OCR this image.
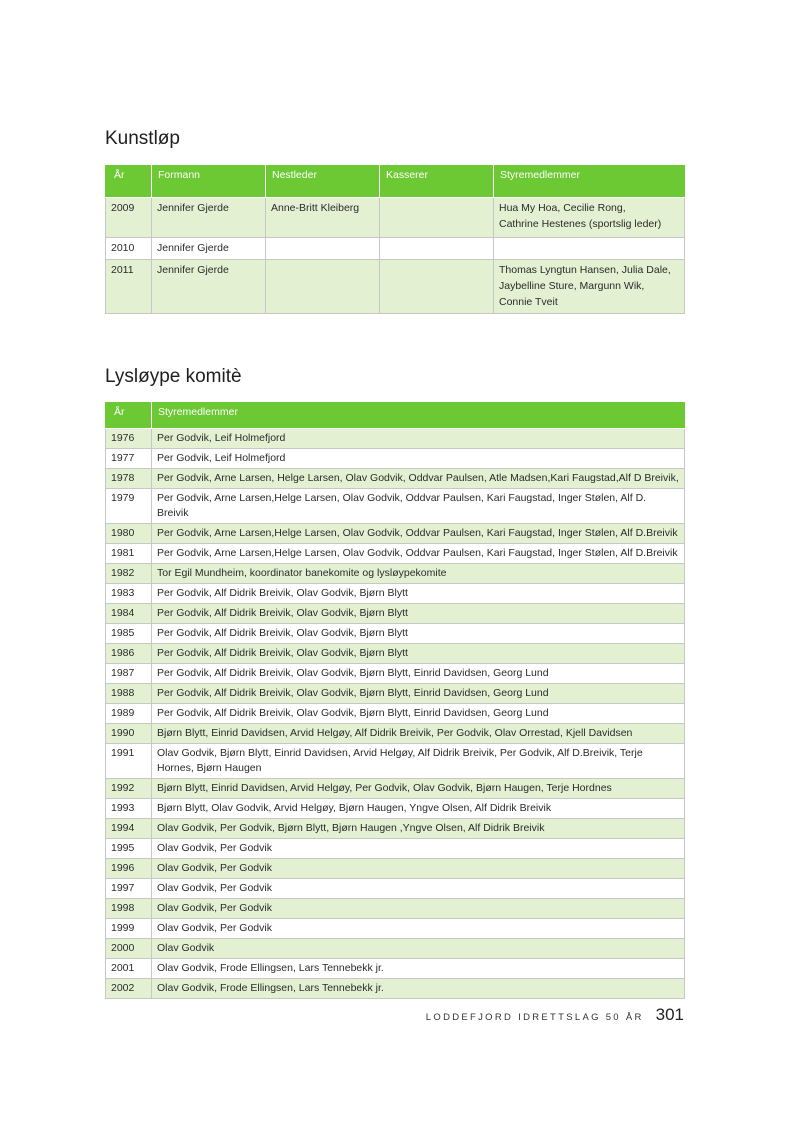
Kunstløp
År	Formann	Nestleder	Kasserer	Styremedlemmer
2009	Jennifer Gjerde	Anne-Britt Kleiberg		Hua My Hoa, Cecilie Rong,
Cathrine Hestenes (sportslig leder)

2010	Jennifer Gjerde			
2011	Jennifer Gjerde			Thomas Lyngtun Hansen, Julia Dale,
Jaybelline Sture, Margunn Wik,
Connie Tveit
Lysløype komitè
År	Styremedlemmer
1976	Per Godvik, Leif Holmefjord
1977	Per Godvik, Leif Holmefjord
1978	Per Godvik, Arne Larsen, Helge Larsen, Olav Godvik, Oddvar Paulsen, Atle Madsen,Kari Faugstad,Alf D Breivik,
1979	Per Godvik, Arne Larsen,Helge Larsen, Olav Godvik, Oddvar Paulsen, Kari Faugstad, Inger Stølen, Alf D. Breivik
1980	Per Godvik, Arne Larsen,Helge Larsen, Olav Godvik, Oddvar Paulsen, Kari Faugstad, Inger Stølen, Alf D.Breivik
1981	Per Godvik, Arne Larsen,Helge Larsen, Olav Godvik, Oddvar Paulsen, Kari Faugstad, Inger Stølen, Alf D.Breivik
1982	Tor Egil Mundheim, koordinator banekomite og lysløypekomite
1983	Per Godvik, Alf Didrik Breivik, Olav Godvik, Bjørn Blytt
1984	Per Godvik, Alf Didrik Breivik, Olav Godvik, Bjørn Blytt
1985	Per Godvik, Alf Didrik Breivik, Olav Godvik, Bjørn Blytt
1986	Per Godvik, Alf Didrik Breivik, Olav Godvik, Bjørn Blytt
1987	Per Godvik, Alf Didrik Breivik, Olav Godvik, Bjørn Blytt, Einrid Davidsen, Georg Lund
1988	Per Godvik, Alf Didrik Breivik, Olav Godvik, Bjørn Blytt, Einrid Davidsen, Georg Lund
1989	Per Godvik, Alf Didrik Breivik, Olav Godvik, Bjørn Blytt, Einrid Davidsen, Georg Lund
1990	Bjørn Blytt, Einrid Davidsen, Arvid Helgøy, Alf Didrik Breivik, Per Godvik, Olav Orrestad, Kjell Davidsen
1991	Olav Godvik, Bjørn Blytt, Einrid Davidsen, Arvid Helgøy, Alf Didrik Breivik, Per Godvik, Alf D.Breivik, Terje Hornes, Bjørn Haugen
1992	Bjørn Blytt, Einrid Davidsen, Arvid Helgøy, Per Godvik, Olav Godvik, Bjørn Haugen, Terje Hordnes
1993	Bjørn Blytt, Olav Godvik, Arvid Helgøy, Bjørn Haugen, Yngve Olsen, Alf Didrik Breivik
1994	Olav Godvik, Per Godvik, Bjørn Blytt, Bjørn Haugen ,Yngve Olsen, Alf Didrik Breivik
1995	Olav Godvik, Per Godvik
1996	Olav Godvik, Per Godvik
1997	Olav Godvik, Per Godvik
1998	Olav Godvik, Per Godvik
1999	Olav Godvik, Per Godvik
2000	Olav Godvik
2001	Olav Godvik, Frode Ellingsen, Lars Tennebekk jr.
2002	Olav Godvik, Frode Ellingsen, Lars Tennebekk jr.
LODDEFJORD IDRETTSLAG 50 ÅR 301
